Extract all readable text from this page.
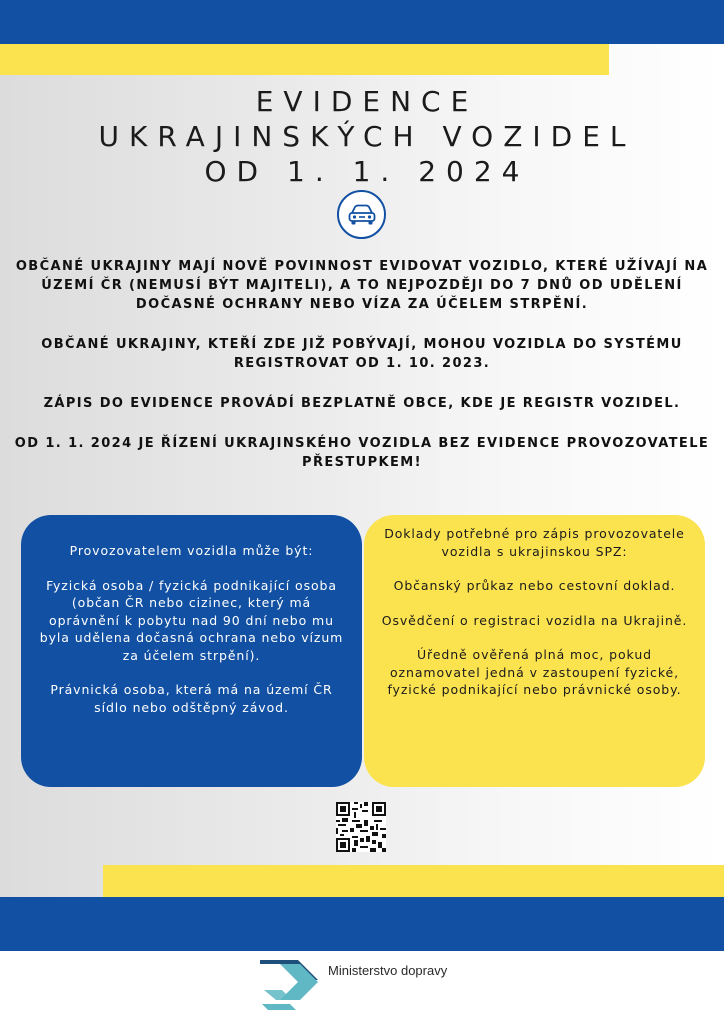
EVIDENCE
UKRAJINSKÝCH VOZIDEL
OD 1. 1. 2024
OBČANÉ UKRAJINY MAJÍ NOVĚ POVINNOST EVIDOVAT VOZIDLO, KTERÉ UŽÍVAJÍ NA ÚZEMÍ ČR (NEMUSÍ BÝT MAJITELI), A TO NEJPOZDĚJI DO 7 DNŮ OD UDĚLENÍ DOČASNÉ OCHRANY NEBO VÍZA ZA ÚČELEM STRPĚNÍ.
OBČANÉ UKRAJINY, KTEŘÍ ZDE JIŽ POBÝVAJÍ, MOHOU VOZIDLA DO SYSTÉMU REGISTROVAT OD 1. 10. 2023.
ZÁPIS DO EVIDENCE PROVÁDÍ BEZPLATNĚ OBCE, KDE JE REGISTR VOZIDEL.
OD 1. 1. 2024 JE ŘÍZENÍ UKRAJINSKÉHO VOZIDLA BEZ EVIDENCE PROVOZOVATELE PŘESTUPKEM!

Provozovatelem vozidla může být:

Fyzická osoba / fyzická podnikající osoba (občan ČR nebo cizinec, který má oprávnění k pobytu nad 90 dní nebo mu byla udělena dočasná ochrana nebo vízum za účelem strpění).

Právnická osoba, která má na území ČR sídlo nebo odštěpný závod.

Doklady potřebné pro zápis provozovatele vozidla s ukrajinskou SPZ:

Občanský průkaz nebo cestovní doklad.

Osvědčení o registraci vozidla na Ukrajině.

Úředně ověřená plná moc, pokud oznamovatel jedná v zastoupení fyzické, fyzické podnikající nebo právnické osoby.

Ministerstvo dopravy
